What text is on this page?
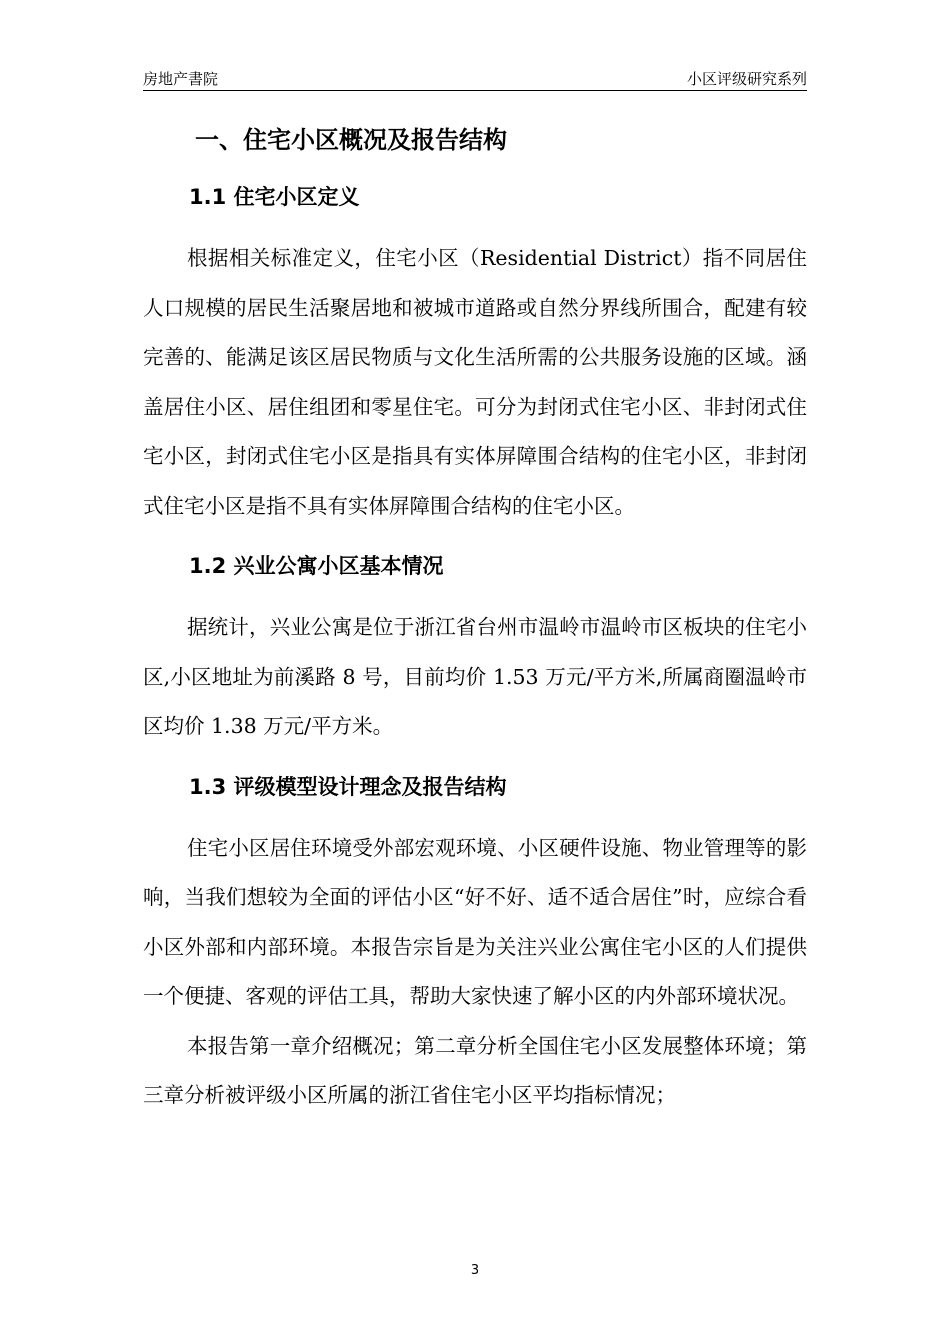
房地产書院	小区评级研究系列
一、住宅小区概况及报告结构
1.1 住宅小区定义

根据相关标准定义，住宅小区（Residential District）指不同居住人口规模的居民生活聚居地和被城市道路或自然分界线所围合，配建有较完善的、能满足该区居民物质与文化生活所需的公共服务设施的区域。涵盖居住小区、居住组团和零星住宅。可分为封闭式住宅小区、非封闭式住宅小区，封闭式住宅小区是指具有实体屏障围合结构的住宅小区，非封闭式住宅小区是指不具有实体屏障围合结构的住宅小区。

1.2 兴业公寓小区基本情况

据统计，兴业公寓是位于浙江省台州市温岭市温岭市区板块的住宅小区,小区地址为前溪路 8 号，目前均价 1.53 万元/平方米,所属商圈温岭市区均价 1.38 万元/平方米。

1.3 评级模型设计理念及报告结构

住宅小区居住环境受外部宏观环境、小区硬件设施、物业管理等的影响，当我们想较为全面的评估小区“好不好、适不适合居住”时，应综合看小区外部和内部环境。本报告宗旨是为关注兴业公寓住宅小区的人们提供一个便捷、客观的评估工具，帮助大家快速了解小区的内外部环境状况。

本报告第一章介绍概况；第二章分析全国住宅小区发展整体环境；第三章分析被评级小区所属的浙江省住宅小区平均指标情况；

3
